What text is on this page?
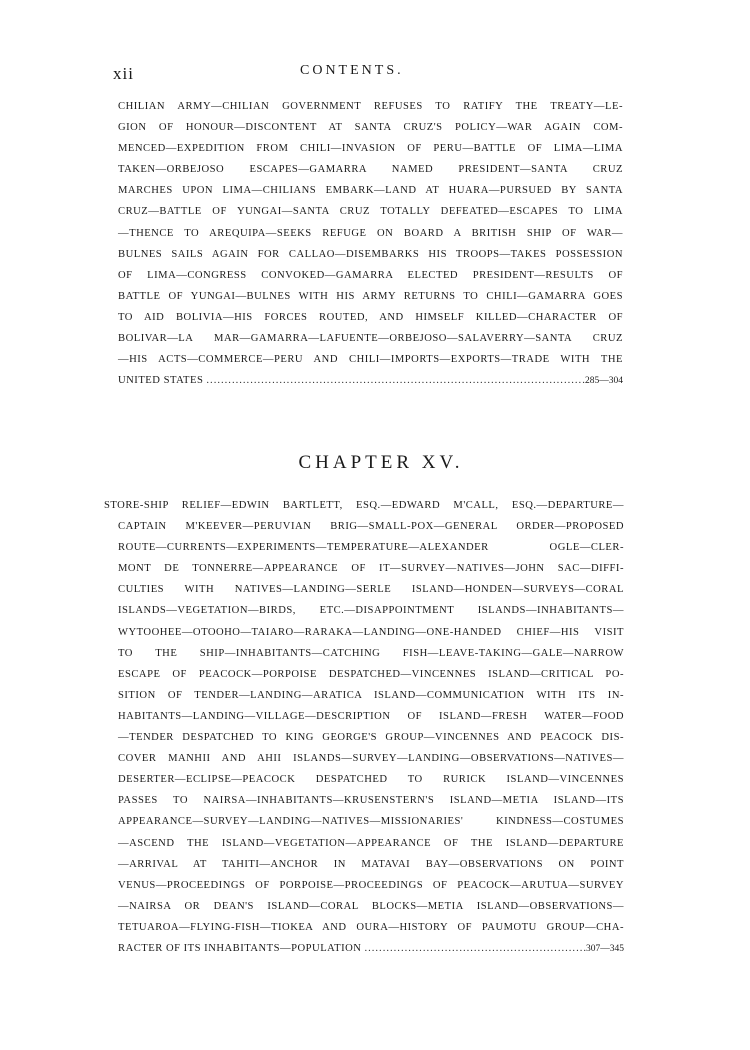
xii	CONTENTS.
CHILIAN ARMY—CHILIAN GOVERNMENT REFUSES TO RATIFY THE TREATY—LE-
GION OF HONOUR—DISCONTENT AT SANTA CRUZ'S POLICY—WAR AGAIN COM-
MENCED—EXPEDITION FROM CHILI—INVASION OF PERU—BATTLE OF LIMA—LIMA
TAKEN—ORBEJOSO ESCAPES—GAMARRA NAMED PRESIDENT—SANTA CRUZ
MARCHES UPON LIMA—CHILIANS EMBARK—LAND AT HUARA—PURSUED BY SANTA
CRUZ—BATTLE OF YUNGAI—SANTA CRUZ TOTALLY DEFEATED—ESCAPES TO LIMA
—THENCE TO AREQUIPA—SEEKS REFUGE ON BOARD A BRITISH SHIP OF WAR—
BULNES SAILS AGAIN FOR CALLAO—DISEMBARKS HIS TROOPS—TAKES POSSESSION
OF LIMA—CONGRESS CONVOKED—GAMARRA ELECTED PRESIDENT—RESULTS OF
BATTLE OF YUNGAI—BULNES WITH HIS ARMY RETURNS TO CHILI—GAMARRA GOES
TO AID BOLIVIA—HIS FORCES ROUTED, AND HIMSELF KILLED—CHARACTER OF
BOLIVAR—LA MAR—GAMARRA—LAFUENTE—ORBEJOSO—SALAVERRY—SANTA CRUZ
—HIS ACTS—COMMERCE—PERU AND CHILI—IMPORTS—EXPORTS—TRADE WITH THE
UNITED STATES .....	285—304
CHAPTER XV.
STORE-SHIP RELIEF—EDWIN BARTLETT, ESQ.—EDWARD M'CALL, ESQ.—DEPARTURE—
CAPTAIN M'KEEVER—PERUVIAN BRIG—SMALL-POX—GENERAL ORDER—PROPOSED
ROUTE—CURRENTS—EXPERIMENTS—TEMPERATURE—ALEXANDER OGLE—CLER-
MONT DE TONNERRE—APPEARANCE OF IT—SURVEY—NATIVES—JOHN SAC—DIFFI-
CULTIES WITH NATIVES—LANDING—SERLE ISLAND—HONDEN—SURVEYS—CORAL
ISLANDS—VEGETATION—BIRDS, ETC.—DISAPPOINTMENT ISLANDS—INHABITANTS—
WYTOOHEE—OTOOHO—TAIARO—RARAKA—LANDING—ONE-HANDED CHIEF—HIS VISIT
TO THE SHIP—INHABITANTS—CATCHING FISH—LEAVE-TAKING—GALE—NARROW
ESCAPE OF PEACOCK—PORPOISE DESPATCHED—VINCENNES ISLAND—CRITICAL PO-
SITION OF TENDER—LANDING—ARATICA ISLAND—COMMUNICATION WITH ITS IN-
HABITANTS—LANDING—VILLAGE—DESCRIPTION OF ISLAND—FRESH WATER—FOOD
—TENDER DESPATCHED TO KING GEORGE'S GROUP—VINCENNES AND PEACOCK DIS-
COVER MANHII AND AHII ISLANDS—SURVEY—LANDING—OBSERVATIONS—NATIVES—
DESERTER—ECLIPSE—PEACOCK DESPATCHED TO RURICK ISLAND—VINCENNES
PASSES TO NAIRSA—INHABITANTS—KRUSENSTERN'S ISLAND—METIA ISLAND—ITS
APPEARANCE—SURVEY—LANDING—NATIVES—MISSIONARIES' KINDNESS—COSTUMES
—ASCEND THE ISLAND—VEGETATION—APPEARANCE OF THE ISLAND—DEPARTURE
—ARRIVAL AT TAHITI—ANCHOR IN MATAVAI BAY—OBSERVATIONS ON POINT
VENUS—PROCEEDINGS OF PORPOISE—PROCEEDINGS OF PEACOCK—ARUTUA—SURVEY
—NAIRSA OR DEAN'S ISLAND—CORAL BLOCKS—METIA ISLAND—OBSERVATIONS—
TETUAROA—FLYING-FISH—TIOKEA AND OURA—HISTORY OF PAUMOTU GROUP—CHA-
RACTER OF ITS INHABITANTS—POPULATION .....	307—345
